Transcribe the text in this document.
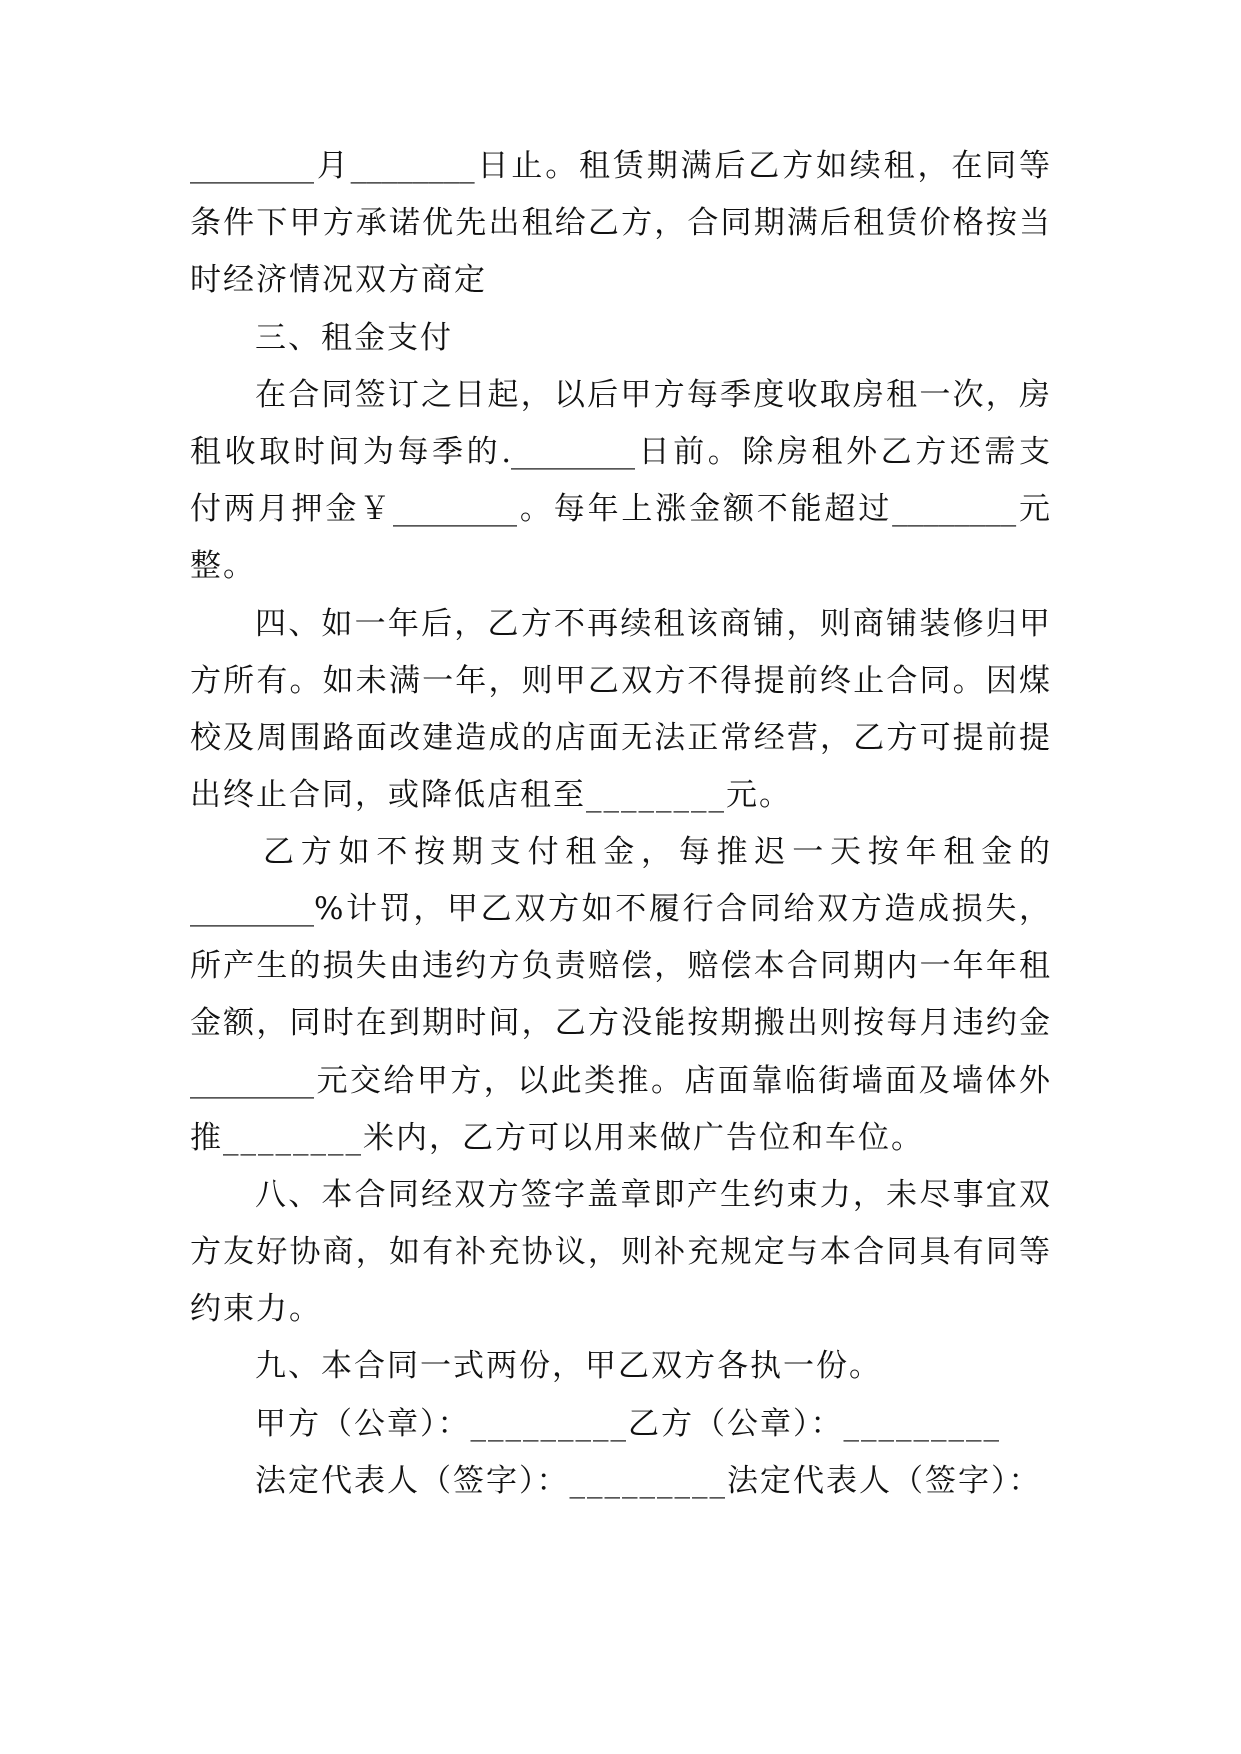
________月________日止。租赁期满后乙方如续租，在同等
条件下甲方承诺优先出租给乙方，合同期满后租赁价格按当
时经济情况双方商定
三、租金支付
在合同签订之日起，以后甲方每季度收取房租一次，房
租收取时间为每季的.________日前。除房租外乙方还需支
付两月押金￥________。每年上涨金额不能超过________元
整。
四、如一年后，乙方不再续租该商铺，则商铺装修归甲
方所有。如未满一年，则甲乙双方不得提前终止合同。因煤
校及周围路面改建造成的店面无法正常经营，乙方可提前提
出终止合同，或降低店租至________元。
乙方如不按期支付租金，每推迟一天按年租金的
________%计罚，甲乙双方如不履行合同给双方造成损失，
所产生的损失由违约方负责赔偿，赔偿本合同期内一年年租
金额，同时在到期时间，乙方没能按期搬出则按每月违约金
________元交给甲方，以此类推。店面靠临街墙面及墙体外
推________米内，乙方可以用来做广告位和车位。
八、本合同经双方签字盖章即产生约束力，未尽事宜双
方友好协商，如有补充协议，则补充规定与本合同具有同等
约束力。
九、本合同一式两份，甲乙双方各执一份。
甲方（公章）：_________乙方（公章）：_________
法定代表人（签字）：_________法定代表人（签字）：
